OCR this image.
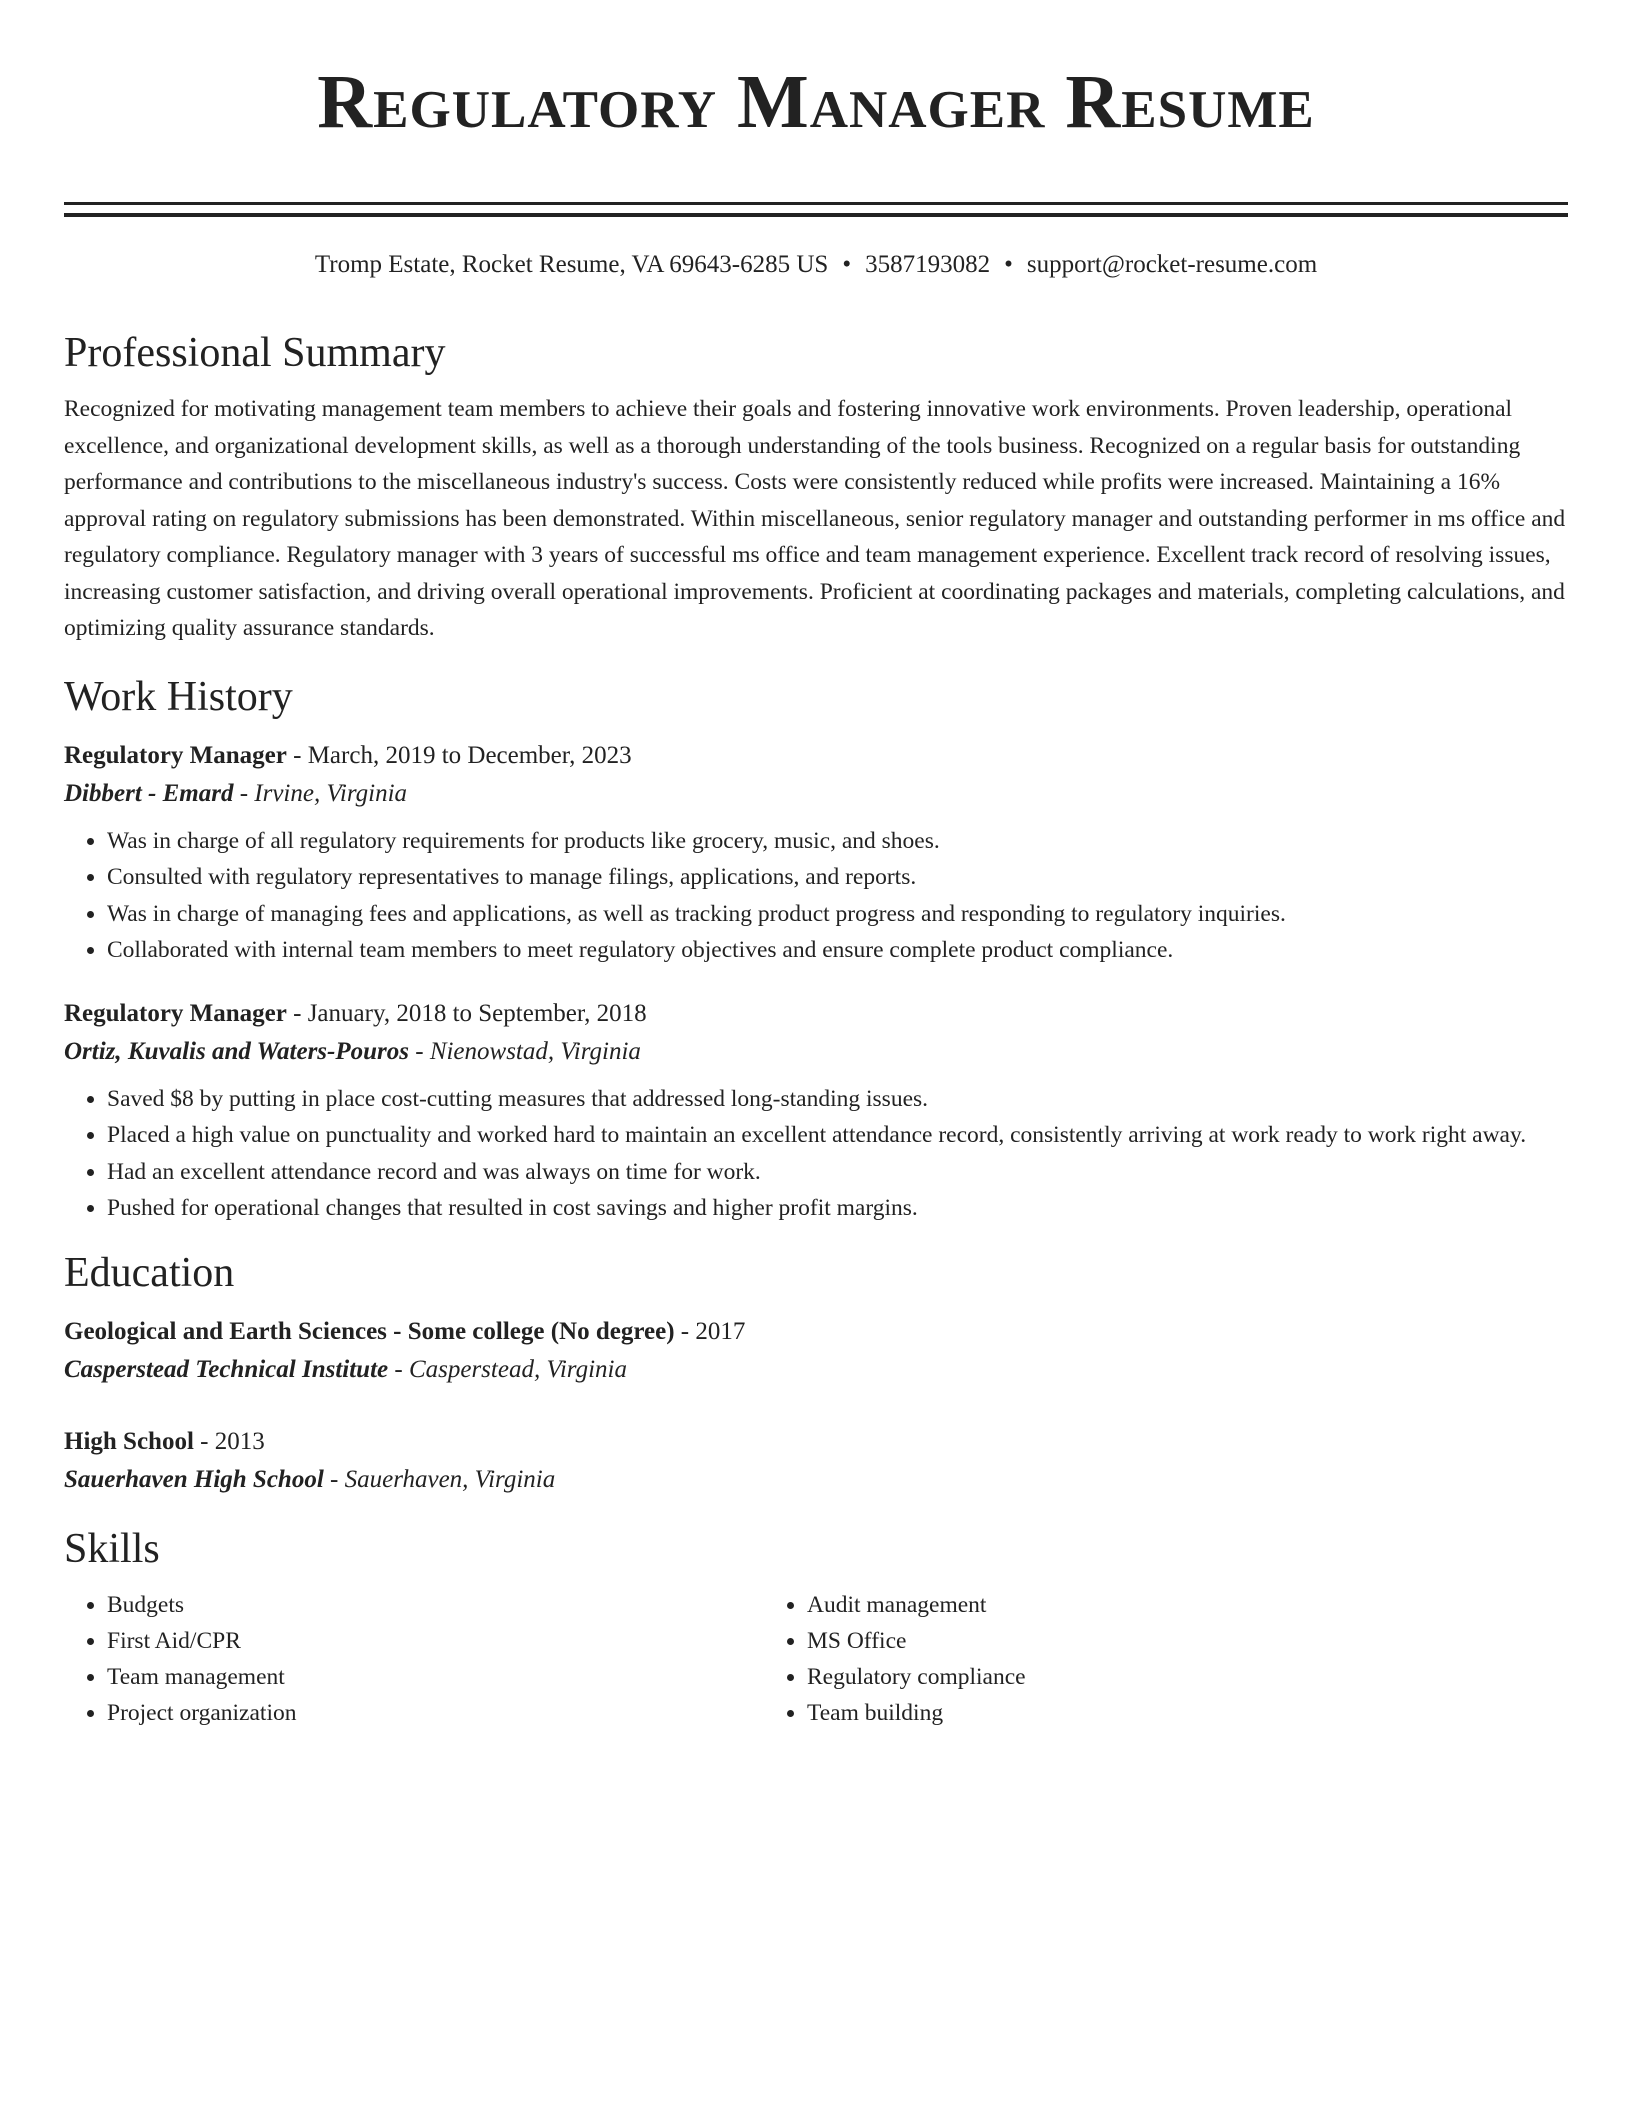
Regulatory Manager Resume
Tromp Estate, Rocket Resume, VA 69643-6285 US • 3587193082 • support@rocket-resume.com
Professional Summary

Recognized for motivating management team members to achieve their goals and fostering innovative work environments. Proven leadership, operational excellence, and organizational development skills, as well as a thorough understanding of the tools business. Recognized on a regular basis for outstanding performance and contributions to the miscellaneous industry's success. Costs were consistently reduced while profits were increased. Maintaining a 16% approval rating on regulatory submissions has been demonstrated. Within miscellaneous, senior regulatory manager and outstanding performer in ms office and regulatory compliance. Regulatory manager with 3 years of successful ms office and team management experience. Excellent track record of resolving issues, increasing customer satisfaction, and driving overall operational improvements. Proficient at coordinating packages and materials, completing calculations, and optimizing quality assurance standards.

Work History
Regulatory Manager - March, 2019 to December, 2023
Dibbert - Emard - Irvine, Virginia
• Was in charge of all regulatory requirements for products like grocery, music, and shoes.
• Consulted with regulatory representatives to manage filings, applications, and reports.
• Was in charge of managing fees and applications, as well as tracking product progress and responding to regulatory inquiries.
• Collaborated with internal team members to meet regulatory objectives and ensure complete product compliance.
Regulatory Manager - January, 2018 to September, 2018
Ortiz, Kuvalis and Waters-Pouros - Nienowstad, Virginia
• Saved $8 by putting in place cost-cutting measures that addressed long-standing issues.
• Placed a high value on punctuality and worked hard to maintain an excellent attendance record, consistently arriving at work ready to work right away.
• Had an excellent attendance record and was always on time for work.
• Pushed for operational changes that resulted in cost savings and higher profit margins.
Education
Geological and Earth Sciences - Some college (No degree) - 2017
Casperstead Technical Institute - Casperstead, Virginia
High School - 2013
Sauerhaven High School - Sauerhaven, Virginia
Skills
• Budgets
• First Aid/CPR
• Team management
• Project organization
• Audit management
• MS Office
• Regulatory compliance
• Team building
